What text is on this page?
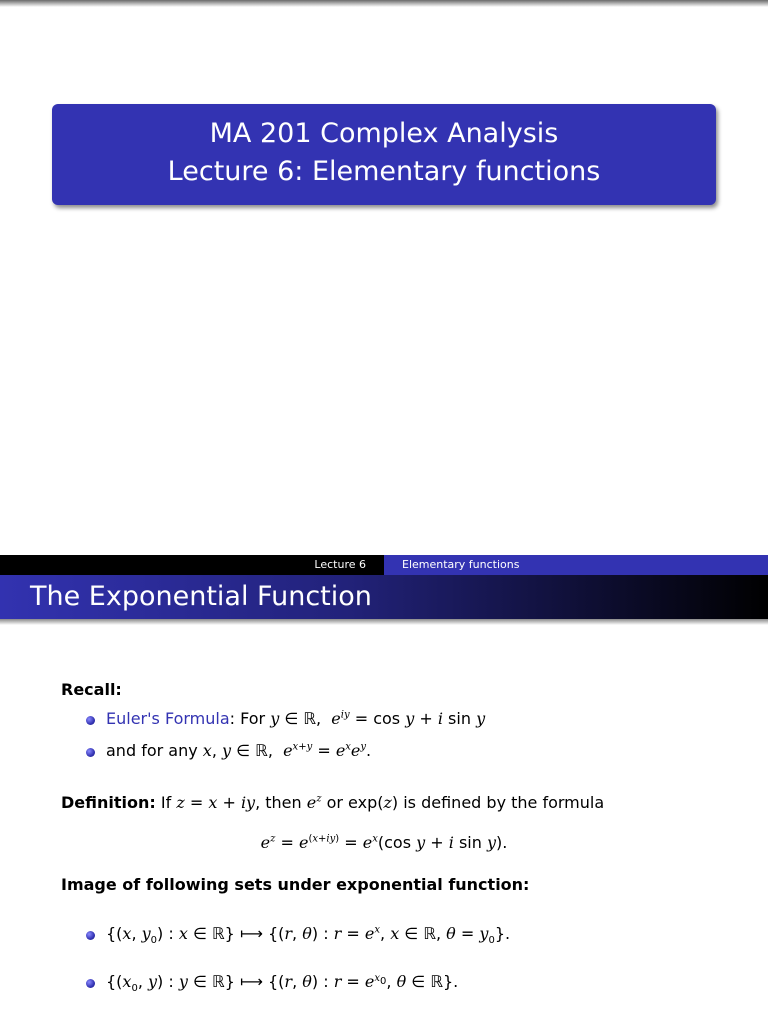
MA 201 Complex Analysis
Lecture 6: Elementary functions
Lecture 6	Elementary functions
The Exponential Function
Recall:
Euler's Formula: For y ∈ ℝ,  $e^{iy} = \cos y + i$ sin y
and for any x, y ∈ ℝ,  $e^{x+y} = e^xe^y$.
Definition: If z = x + iy, then $e^z$ or exp(z) is defined by the formula
$e^z = e^{(x+iy)} = e^x(\cos$ y + i sin y).
Image of following sets under exponential function:
{(x, $y_0$) : x ∈ ℝ} ⟼ {(r, θ) : $r = e^x$, x ∈ ℝ, $\theta = y_0$}.
{($x_0$, y) : y ∈ ℝ} ⟼ {(r, θ) : $r = e^{x_0}$, θ ∈ ℝ}.
